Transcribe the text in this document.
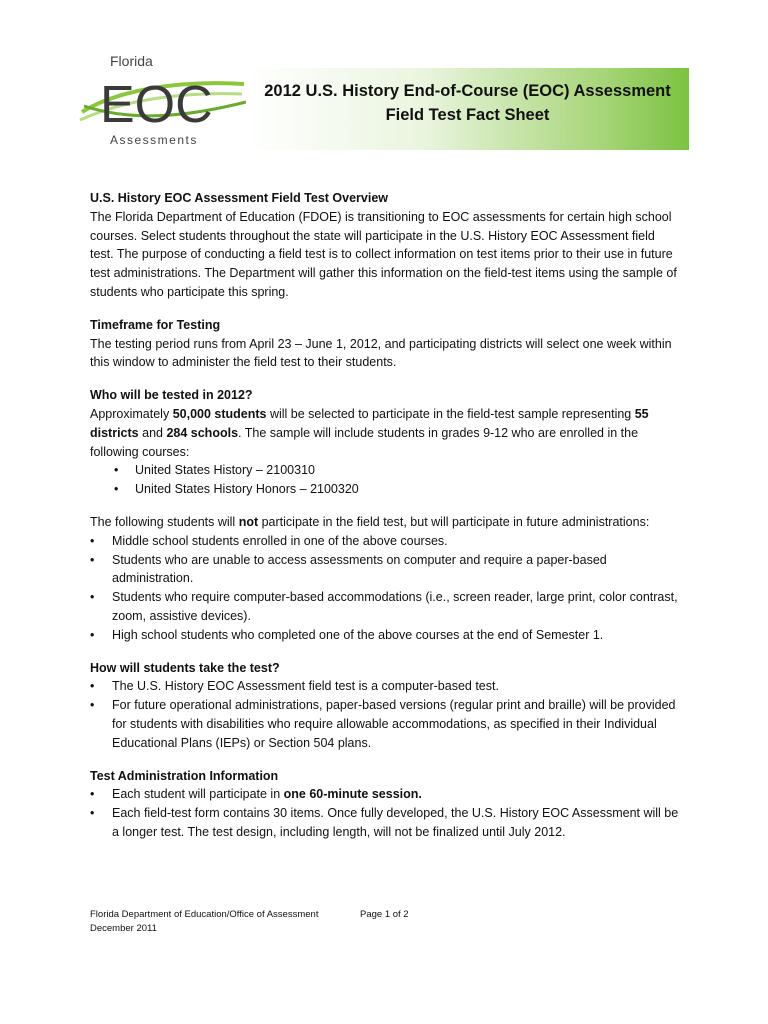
Florida
EOC
Assessments
2012 U.S. History End-of-Course (EOC) Assessment
Field Test Fact Sheet

U.S. History EOC Assessment Field Test Overview

The Florida Department of Education (FDOE) is transitioning to EOC assessments for certain high school courses. Select students throughout the state will participate in the U.S. History EOC Assessment field test. The purpose of conducting a field test is to collect information on test items prior to their use in future test administrations. The Department will gather this information on the field-test items using the sample of students who participate this spring.

Timeframe for Testing

The testing period runs from April 23 – June 1, 2012, and participating districts will select one week within this window to administer the field test to their students.

Who will be tested in 2012?

Approximately 50,000 students will be selected to participate in the field-test sample representing 55 districts and 284 schools. The sample will include students in grades 9-12 who are enrolled in the following courses:

• United States History – 2100310
• United States History Honors – 2100320

The following students will not participate in the field test, but will participate in future administrations:

• Middle school students enrolled in one of the above courses.
• Students who are unable to access assessments on computer and require a paper-based administration.
• Students who require computer-based accommodations (i.e., screen reader, large print, color contrast, zoom, assistive devices).
• High school students who completed one of the above courses at the end of Semester 1.

How will students take the test?

• The U.S. History EOC Assessment field test is a computer-based test.
• For future operational administrations, paper-based versions (regular print and braille) will be provided for students with disabilities who require allowable accommodations, as specified in their Individual Educational Plans (IEPs) or Section 504 plans.

Test Administration Information

• Each student will participate in one 60-minute session.
• Each field-test form contains 30 items. Once fully developed, the U.S. History EOC Assessment will be a longer test. The test design, including length, will not be finalized until July 2012.
Florida Department of Education/Office of Assessment	Page 1 of 2
December 2011
